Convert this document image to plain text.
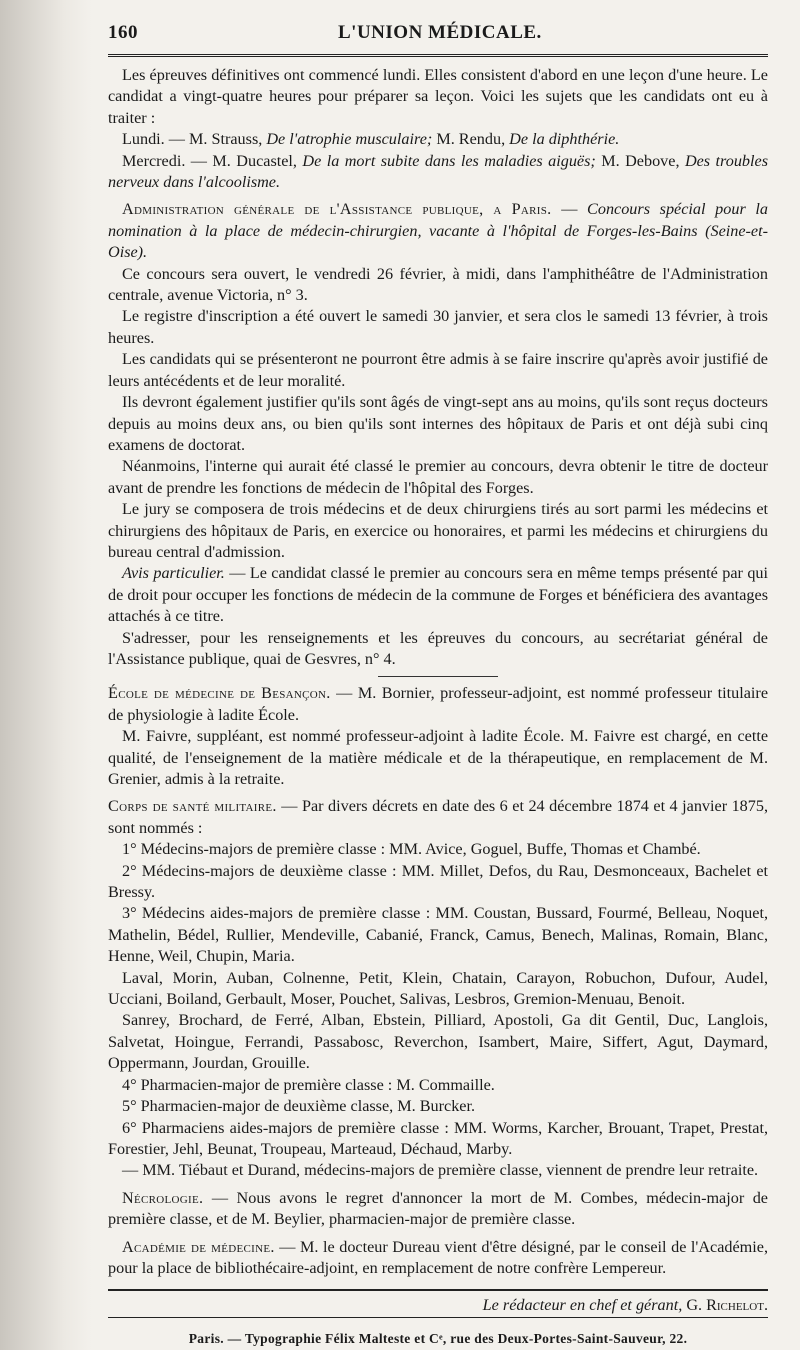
160	L'UNION MÉDICALE.

Les épreuves définitives ont commencé lundi. Elles consistent d'abord en une leçon d'une heure. Le candidat a vingt-quatre heures pour préparer sa leçon. Voici les sujets que les candidats ont eu à traiter :

Lundi. — M. Strauss, De l'atrophie musculaire; M. Rendu, De la diphthérie.

Mercredi. — M. Ducastel, De la mort subite dans les maladies aiguës; M. Debove, Des troubles nerveux dans l'alcoolisme.

Administration générale de l'Assistance publique, a Paris. — Concours spécial pour la nomination à la place de médecin-chirurgien, vacante à l'hôpital de Forges-les-Bains (Seine-et-Oise).

Ce concours sera ouvert, le vendredi 26 février, à midi, dans l'amphithéâtre de l'Administration centrale, avenue Victoria, n° 3.

Le registre d'inscription a été ouvert le samedi 30 janvier, et sera clos le samedi 13 février, à trois heures.

Les candidats qui se présenteront ne pourront être admis à se faire inscrire qu'après avoir justifié de leurs antécédents et de leur moralité.

Ils devront également justifier qu'ils sont âgés de vingt-sept ans au moins, qu'ils sont reçus docteurs depuis au moins deux ans, ou bien qu'ils sont internes des hôpitaux de Paris et ont déjà subi cinq examens de doctorat.

Néanmoins, l'interne qui aurait été classé le premier au concours, devra obtenir le titre de docteur avant de prendre les fonctions de médecin de l'hôpital des Forges.

Le jury se composera de trois médecins et de deux chirurgiens tirés au sort parmi les médecins et chirurgiens des hôpitaux de Paris, en exercice ou honoraires, et parmi les médecins et chirurgiens du bureau central d'admission.

Avis particulier. — Le candidat classé le premier au concours sera en même temps présenté par qui de droit pour occuper les fonctions de médecin de la commune de Forges et bénéficiera des avantages attachés à ce titre.

S'adresser, pour les renseignements et les épreuves du concours, au secrétariat général de l'Assistance publique, quai de Gesvres, n° 4.

École de médecine de Besançon. — M. Bornier, professeur-adjoint, est nommé professeur titulaire de physiologie à ladite École.

M. Faivre, suppléant, est nommé professeur-adjoint à ladite École. M. Faivre est chargé, en cette qualité, de l'enseignement de la matière médicale et de la thérapeutique, en remplacement de M. Grenier, admis à la retraite.

Corps de santé militaire. — Par divers décrets en date des 6 et 24 décembre 1874 et 4 janvier 1875, sont nommés :

1° Médecins-majors de première classe : MM. Avice, Goguel, Buffe, Thomas et Chambé.

2° Médecins-majors de deuxième classe : MM. Millet, Defos, du Rau, Desmonceaux, Bachelet et Bressy.

3° Médecins aides-majors de première classe : MM. Coustan, Bussard, Fourmé, Belleau, Noquet, Mathelin, Bédel, Rullier, Mendeville, Cabanié, Franck, Camus, Benech, Malinas, Romain, Blanc, Henne, Weil, Chupin, Maria.

Laval, Morin, Auban, Colnenne, Petit, Klein, Chatain, Carayon, Robuchon, Dufour, Audel, Ucciani, Boiland, Gerbault, Moser, Pouchet, Salivas, Lesbros, Gremion-Menuau, Benoit.

Sanrey, Brochard, de Ferré, Alban, Ebstein, Pilliard, Apostoli, Ga dit Gentil, Duc, Langlois, Salvetat, Hoingue, Ferrandi, Passabosc, Reverchon, Isambert, Maire, Siffert, Agut, Daymard, Oppermann, Jourdan, Grouille.

4° Pharmacien-major de première classe : M. Commaille.

5° Pharmacien-major de deuxième classe, M. Burcker.

6° Pharmaciens aides-majors de première classe : MM. Worms, Karcher, Brouant, Trapet, Prestat, Forestier, Jehl, Beunat, Troupeau, Marteaud, Déchaud, Marby.

— MM. Tiébaut et Durand, médecins-majors de première classe, viennent de prendre leur retraite.

Nécrologie. — Nous avons le regret d'annoncer la mort de M. Combes, médecin-major de première classe, et de M. Beylier, pharmacien-major de première classe.

Académie de médecine. — M. le docteur Dureau vient d'être désigné, par le conseil de l'Académie, pour la place de bibliothécaire-adjoint, en remplacement de notre confrère Lempereur.

Le rédacteur en chef et gérant, G. Richelot.

Paris. — Typographie Félix Malteste et Cᵉ, rue des Deux-Portes-Saint-Sauveur, 22.
